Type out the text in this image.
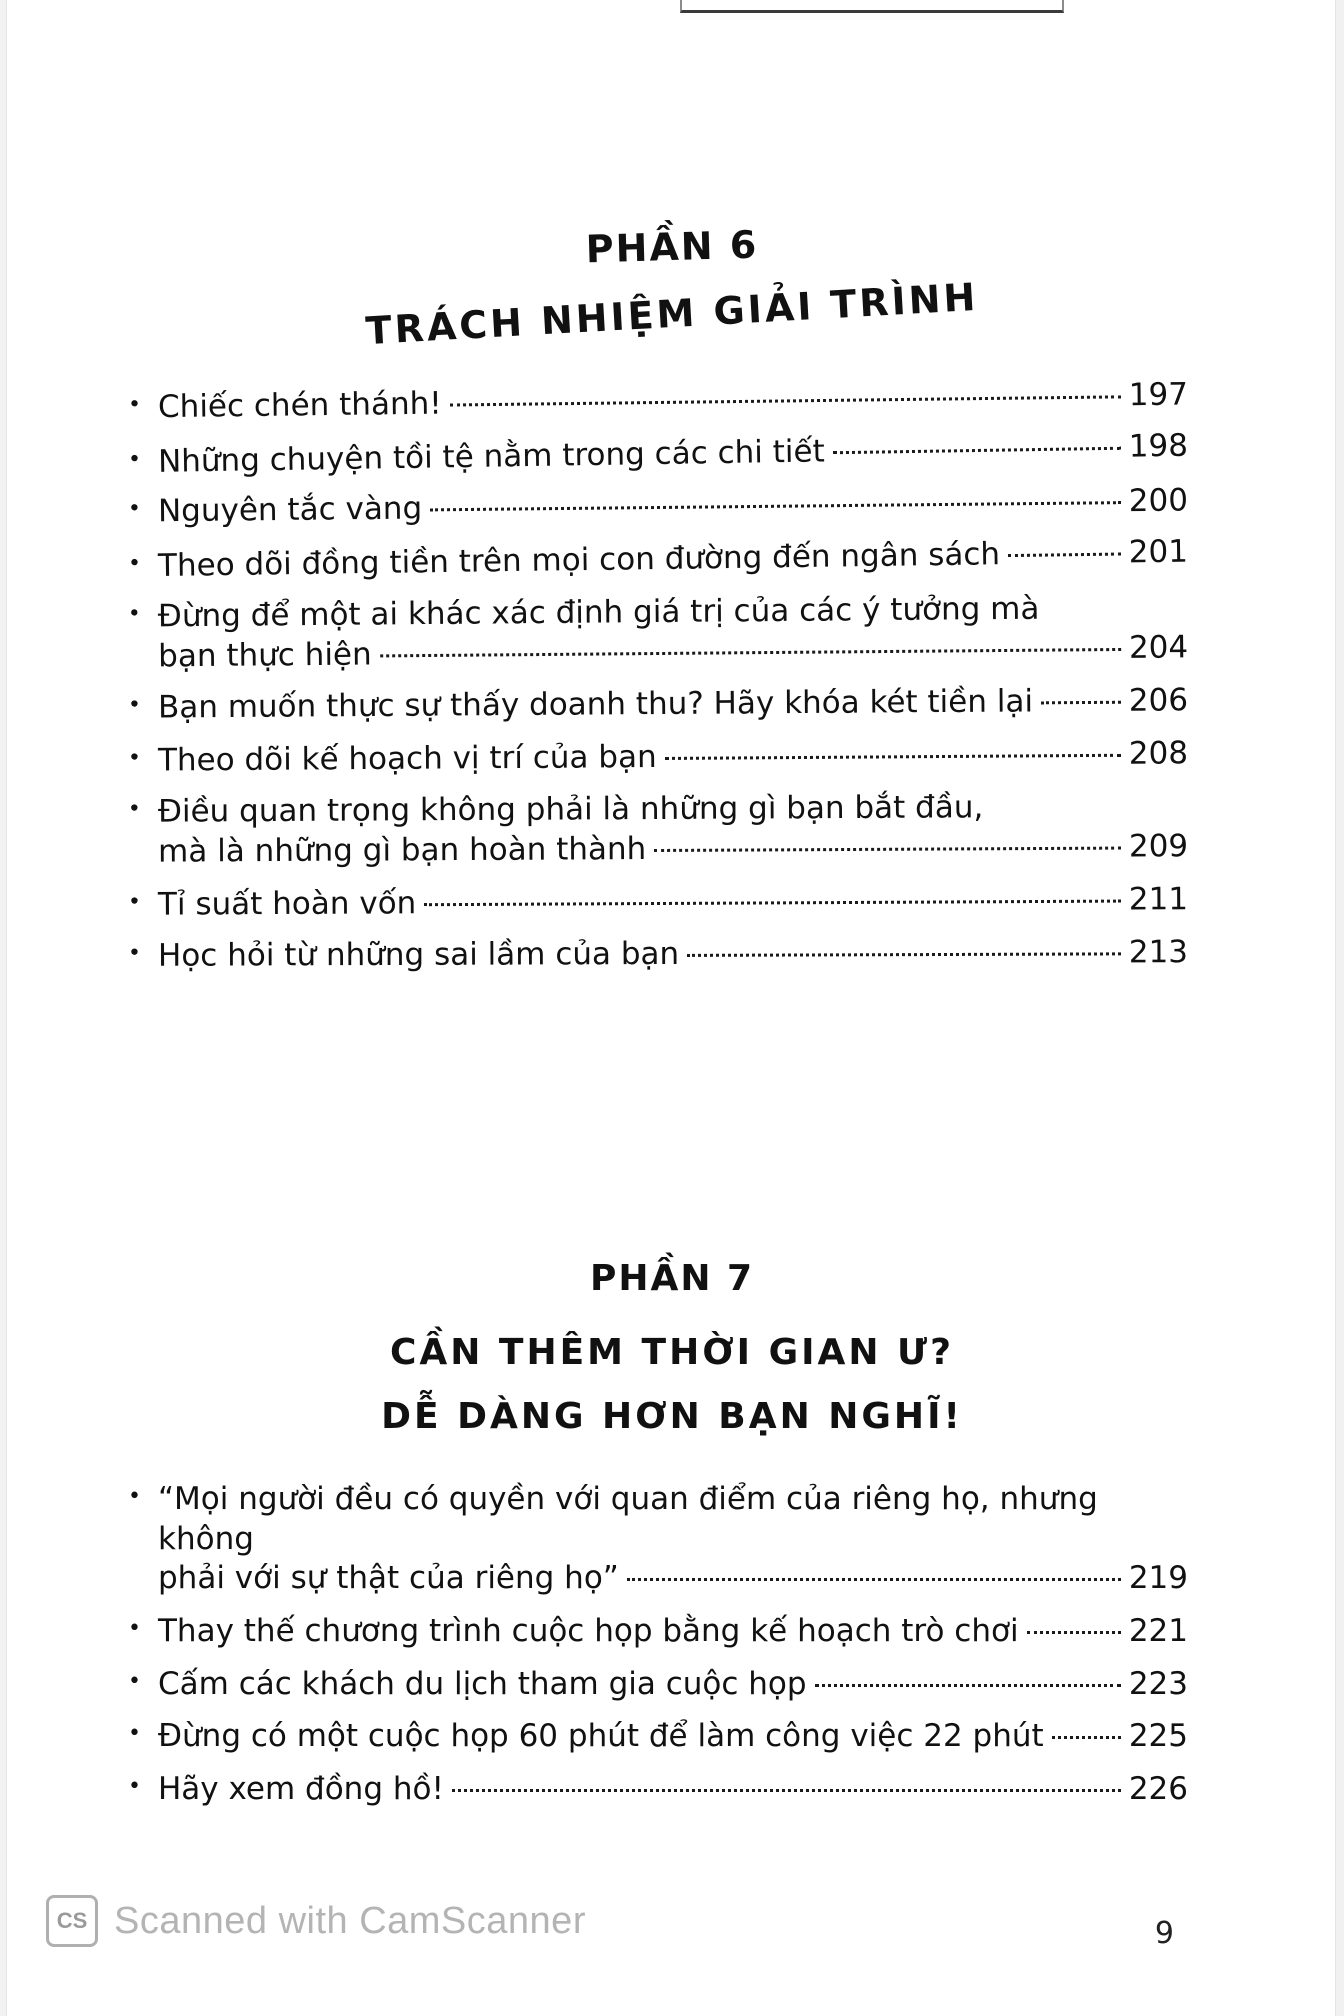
PHẦN 6
TRÁCH NHIỆM GIẢI TRÌNH
• Chiếc chén thánh!	197
• Những chuyện tồi tệ nằm trong các chi tiết	198
• Nguyên tắc vàng	200
• Theo dõi đồng tiền trên mọi con đường đến ngân sách	201
• Đừng để một ai khác xác định giá trị của các ý tưởng mà
bạn thực hiện	204
• Bạn muốn thực sự thấy doanh thu? Hãy khóa két tiền lại	206
• Theo dõi kế hoạch vị trí của bạn	208
• Điều quan trọng không phải là những gì bạn bắt đầu,
mà là những gì bạn hoàn thành	209
• Tỉ suất hoàn vốn	211
• Học hỏi từ những sai lầm của bạn	213
PHẦN 7
CẦN THÊM THỜI GIAN Ư?
DỄ DÀNG HƠN BẠN NGHĨ!
• “Mọi người đều có quyền với quan điểm của riêng họ, nhưng không
phải với sự thật của riêng họ”	219
• Thay thế chương trình cuộc họp bằng kế hoạch trò chơi	221
• Cấm các khách du lịch tham gia cuộc họp	223
• Đừng có một cuộc họp 60 phút để làm công việc 22 phút	225
• Hãy xem đồng hồ!	226
9
CS Scanned with CamScanner
